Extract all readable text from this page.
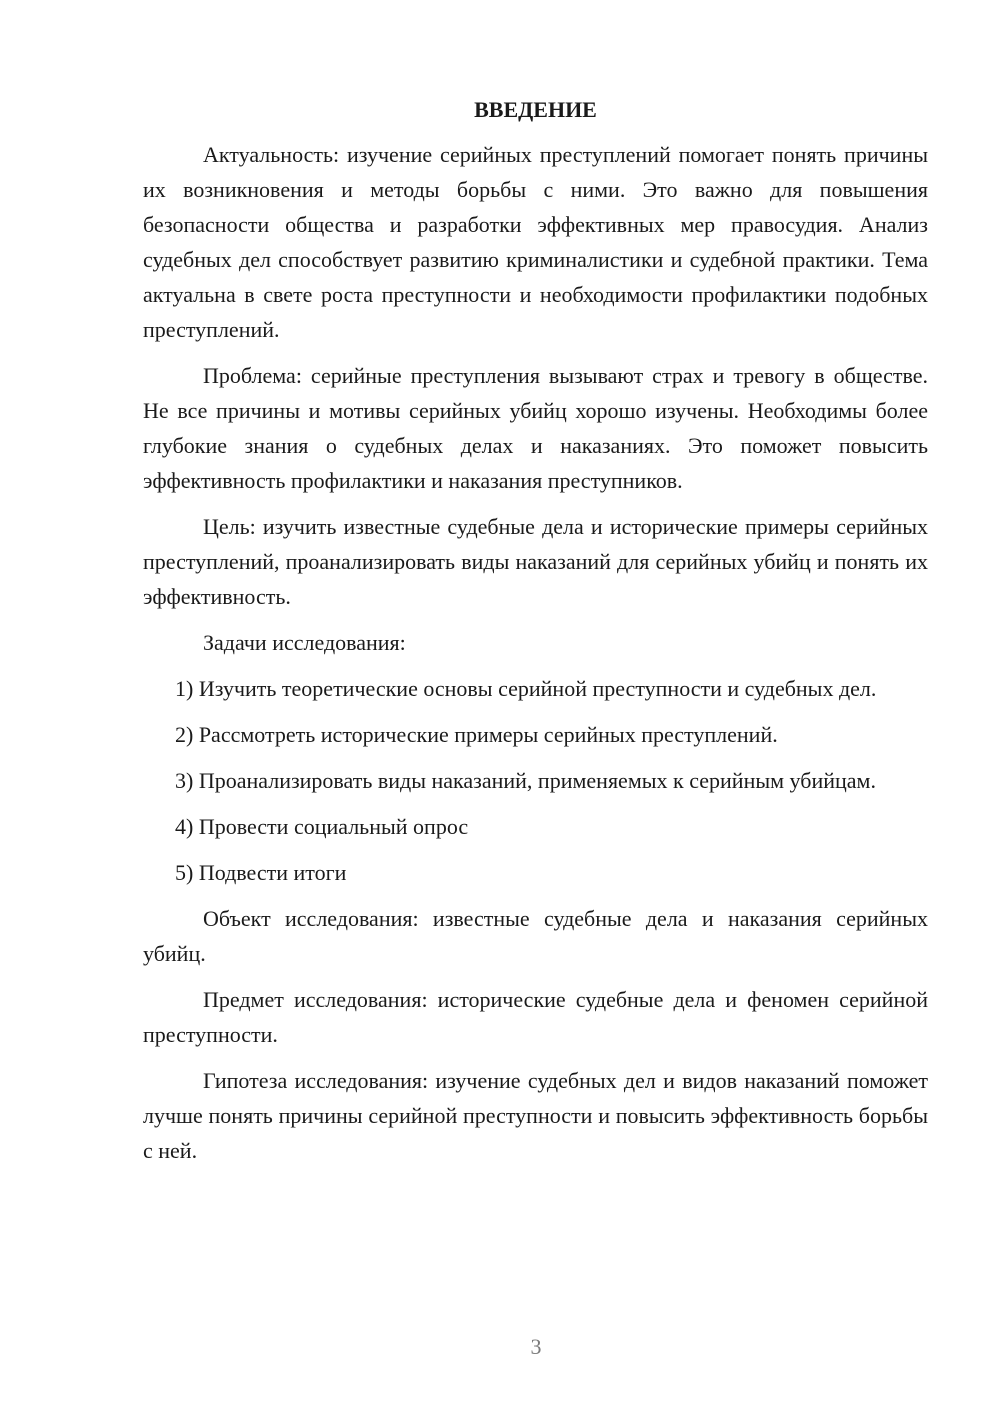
ВВЕДЕНИЕ

Актуальность: изучение серийных преступлений помогает понять причины их возникновения и методы борьбы с ними. Это важно для повышения безопасности общества и разработки эффективных мер правосудия. Анализ судебных дел способствует развитию криминалистики и судебной практики. Тема актуальна в свете роста преступности и необходимости профилактики подобных преступлений.

Проблема: серийные преступления вызывают страх и тревогу в обществе. Не все причины и мотивы серийных убийц хорошо изучены. Необходимы более глубокие знания о судебных делах и наказаниях. Это поможет повысить эффективность профилактики и наказания преступников.

Цель: изучить известные судебные дела и исторические примеры серийных преступлений, проанализировать виды наказаний для серийных убийц и понять их эффективность.

Задачи исследования:

1) Изучить теоретические основы серийной преступности и судебных дел.

2) Рассмотреть исторические примеры серийных преступлений.

3) Проанализировать виды наказаний, применяемых к серийным убийцам.

4) Провести социальный опрос

5) Подвести итоги

Объект исследования: известные судебные дела и наказания серийных убийц.

Предмет исследования: исторические судебные дела и феномен серийной преступности.

Гипотеза исследования: изучение судебных дел и видов наказаний поможет лучше понять причины серийной преступности и повысить эффективность борьбы с ней.

3
